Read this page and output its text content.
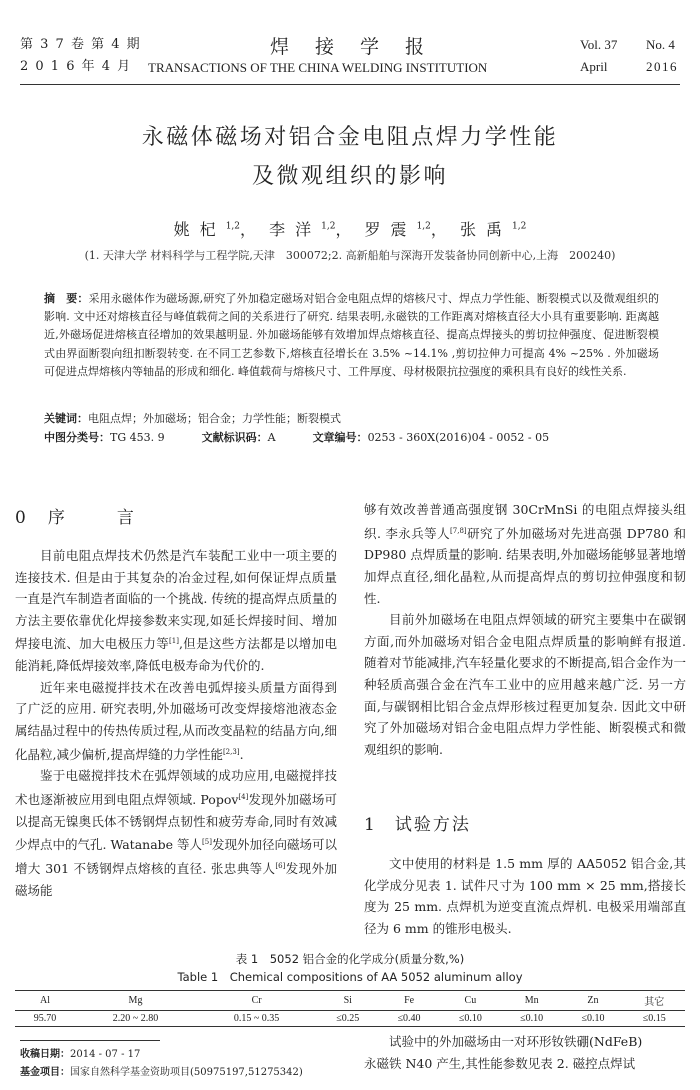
第 3 7 卷 第 4 期
2 0 1 6 年 4 月
焊接学报
TRANSACTIONS OF THE CHINA WELDING INSTITUTION
Vol. 37 No. 4
April	2016
永磁体磁场对铝合金电阻点焊力学性能
及微观组织的影响
姚杞$^{1,2}$，　 李洋$^{1,2}$，　 罗震$^{1,2}$，　 张禹$^{1,2}$
(1. 天津大学 材料科学与工程学院,天津　300072;2. 高新船舶与深海开发装备协同创新中心,上海　200240)
摘　要：采用永磁体作为磁场源,研究了外加稳定磁场对铝合金电阻点焊的熔核尺寸、焊点力学性能、断裂模式以及微观组织的影响. 文中还对熔核直径与峰值载荷之间的关系进行了研究. 结果表明,永磁铁的工作距离对熔核直径大小具有重要影响. 距离越近,外磁场促进熔核直径增加的效果越明显. 外加磁场能够有效增加焊点熔核直径、提高点焊接头的剪切拉伸强度、促进断裂模式由界面断裂向纽扣断裂转变. 在不同工艺参数下,熔核直径增长在 3.5% ~14.1% ,剪切拉伸力可提高 4% ~25% . 外加磁场可促进点焊熔核内等轴晶的形成和细化. 峰值载荷与熔核尺寸、工件厚度、母材极限抗拉强度的乘积具有良好的线性关系.
关键词：电阻点焊；外加磁场；铝合金；力学性能；断裂模式
中图分类号：TG 453. 9	文献标识码：A	文章编号：0253 - 360X(2016)04 - 0052 - 05
0 序　　言

目前电阻点焊技术仍然是汽车装配工业中一项主要的连接技术. 但是由于其复杂的冶金过程,如何保证焊点质量一直是汽车制造者面临的一个挑战. 传统的提高焊点质量的方法主要依靠优化焊接参数来实现,如延长焊接时间、增加焊接电流、加大电极压力等[1],但是这些方法都是以增加电能消耗,降低焊接效率,降低电极寿命为代价的.

近年来电磁搅拌技术在改善电弧焊接头质量方面得到了广泛的应用. 研究表明,外加磁场可改变焊接熔池液态金属结晶过程中的传热传质过程,从而改变晶粒的结晶方向,细化晶粒,减少偏析,提高焊缝的力学性能[2,3].

鉴于电磁搅拌技术在弧焊领域的成功应用,电磁搅拌技术也逐渐被应用到电阻点焊领域. Popov[4]发现外加磁场可以提高无镍奥氏体不锈钢焊点韧性和疲劳寿命,同时有效减少焊点中的气孔. Watanabe 等人[5]发现外加径向磁场可以增大 301 不锈钢焊点熔核的直径. 张忠典等人[6]发现外加磁场能

够有效改善普通高强度钢 30CrMnSi 的电阻点焊接头组织. 李永兵等人[7,8]研究了外加磁场对先进高强 DP780 和 DP980 点焊质量的影响. 结果表明,外加磁场能够显著地增加焊点直径,细化晶粒,从而提高焊点的剪切拉伸强度和韧性.

目前外加磁场在电阻点焊领域的研究主要集中在碳钢方面,而外加磁场对铝合金电阻点焊质量的影响鲜有报道. 随着对节能减排,汽车轻量化要求的不断提高,铝合金作为一种轻质高强合金在汽车工业中的应用越来越广泛. 另一方面,与碳钢相比铝合金点焊形核过程更加复杂. 因此文中研究了外加磁场对铝合金电阻点焊力学性能、断裂模式和微观组织的影响.

1 试验方法

文中使用的材料是 1.5 mm 厚的 AA5052 铝合金,其化学成分见表 1. 试件尺寸为 100 mm × 25 mm,搭接长度为 25 mm. 点焊机为逆变直流点焊机. 电极采用端部直径为 6 mm 的锥形电极头.

表 1　5052 铝合金的化学成分(质量分数,%)
Table 1　Chemical compositions of AA 5052 aluminum alloy
Al	Mg	Cr	Si	Fe	Cu	Mn	Zn	其它
95.70	2.20 ~ 2.80	0.15 ~ 0.35	≤0.25	≤0.40	≤0.10	≤0.10	≤0.10	≤0.15
收稿日期：2014 - 07 - 17
基金项目：国家自然科学基金资助项目(50975197,51275342)

试验中的外加磁场由一对环形钕铁硼(NdFeB)

永磁铁 N40 产生,其性能参数见表 2. 磁控点焊试
